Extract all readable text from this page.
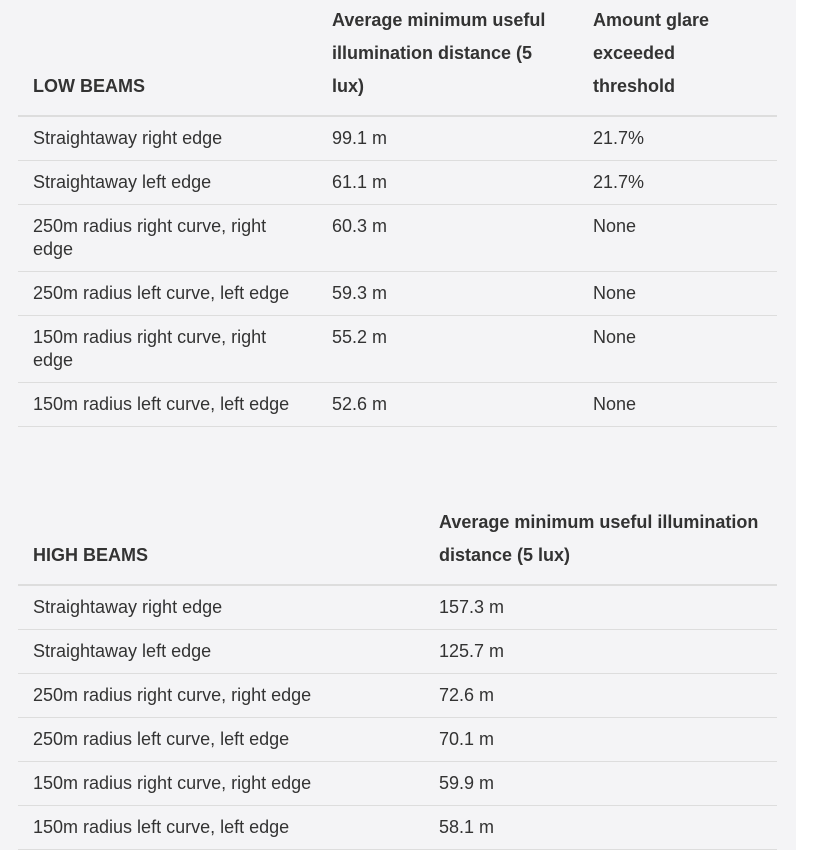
LOW BEAMS	Average minimum useful illumination distance (5 lux)	Amount glare exceeded threshold
Straightaway right edge	99.1 m	21.7%
Straightaway left edge	61.1 m	21.7%
250m radius right curve, right edge	60.3 m	None
250m radius left curve, left edge	59.3 m	None
150m radius right curve, right edge	55.2 m	None
150m radius left curve, left edge	52.6 m	None
HIGH BEAMS	Average minimum useful illumination distance (5 lux)
Straightaway right edge	157.3 m
Straightaway left edge	125.7 m
250m radius right curve, right edge	72.6 m
250m radius left curve, left edge	70.1 m
150m radius right curve, right edge	59.9 m
150m radius left curve, left edge	58.1 m
